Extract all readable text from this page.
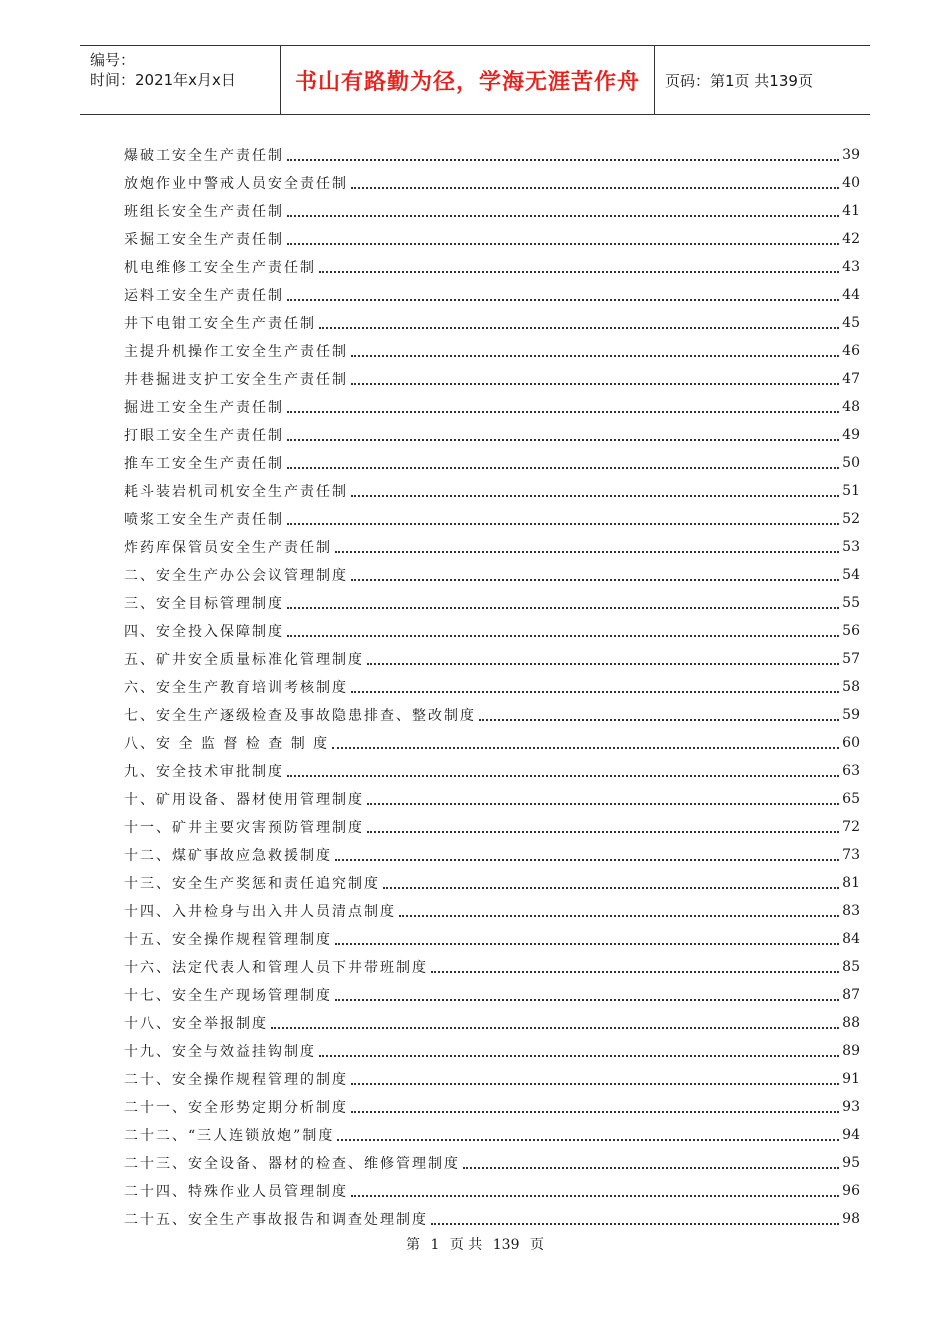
编号：
时间：2021年x月x日	书山有路勤为径，学海无涯苦作舟	页码：第1页 共139页
爆破工安全生产责任制	39
放炮作业中警戒人员安全责任制	40
班组长安全生产责任制	41
采掘工安全生产责任制	42
机电维修工安全生产责任制	43
运料工安全生产责任制	44
井下电钳工安全生产责任制	45
主提升机操作工安全生产责任制	46
井巷掘进支护工安全生产责任制	47
掘进工安全生产责任制	48
打眼工安全生产责任制	49
推车工安全生产责任制	50
耗斗装岩机司机安全生产责任制	51
喷浆工安全生产责任制	52
炸药库保管员安全生产责任制	53
二、安全生产办公会议管理制度	54
三、安全目标管理制度	55
四、安全投入保障制度	56
五、矿井安全质量标准化管理制度	57
六、安全生产教育培训考核制度	58
七、安全生产逐级检查及事故隐患排查、整改制度	59
八、安 全 监 督 检 查 制 度	60
九、安全技术审批制度	63
十、矿用设备、器材使用管理制度	65
十一、矿井主要灾害预防管理制度	72
十二、煤矿事故应急救援制度	73
十三、安全生产奖惩和责任追究制度	81
十四、入井检身与出入井人员清点制度	83
十五、安全操作规程管理制度	84
十六、法定代表人和管理人员下井带班制度	85
十七、安全生产现场管理制度	87
十八、安全举报制度	88
十九、安全与效益挂钩制度	89
二十、安全操作规程管理的制度	91
二十一、安全形势定期分析制度	93
二十二、“三人连锁放炮”制度	94
二十三、安全设备、器材的检查、维修管理制度	95
二十四、特殊作业人员管理制度	96
二十五、安全生产事故报告和调查处理制度	98
第 1 页 共 139 页
